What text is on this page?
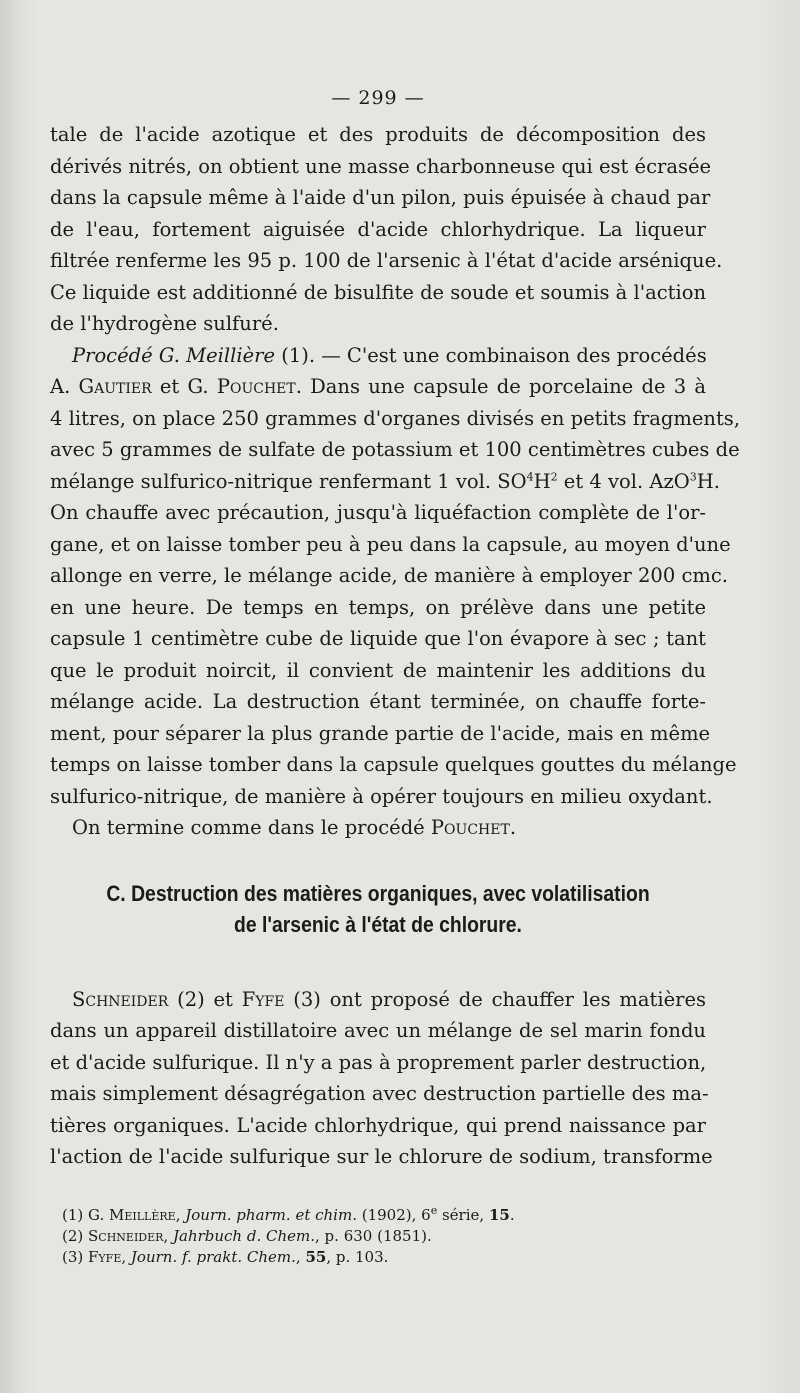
— 299 —

tale de l'acide azotique et des produits de décomposition des
dérivés nitrés, on obtient une masse charbonneuse qui est écrasée
dans la capsule même à l'aide d'un pilon, puis épuisée à chaud par
de l'eau, fortement aiguisée d'acide chlorhydrique. La liqueur
filtrée renferme les 95 p. 100 de l'arsenic à l'état d'acide arsénique.
Ce liquide est additionné de bisulfite de soude et soumis à l'action
de l'hydrogène sulfuré.

Procédé G. Meillière (1). — C'est une combinaison des procédés
A. Gautier et G. Pouchet. Dans une capsule de porcelaine de 3 à
4 litres, on place 250 grammes d'organes divisés en petits fragments,
avec 5 grammes de sulfate de potassium et 100 centimètres cubes de
mélange sulfurico-nitrique renfermant 1 vol. $SO^4H^2$ et 4 vol. AzO$^3$H.
On chauffe avec précaution, jusqu'à liquéfaction complète de l'or-
gane, et on laisse tomber peu à peu dans la capsule, au moyen d'une
allonge en verre, le mélange acide, de manière à employer 200 cmc.
en une heure. De temps en temps, on prélève dans une petite
capsule 1 centimètre cube de liquide que l'on évapore à sec ; tant
que le produit noircit, il convient de maintenir les additions du
mélange acide. La destruction étant terminée, on chauffe forte-
ment, pour séparer la plus grande partie de l'acide, mais en même
temps on laisse tomber dans la capsule quelques gouttes du mélange
sulfurico-nitrique, de manière à opérer toujours en milieu oxydant.
On termine comme dans le procédé Pouchet.

C. Destruction des matières organiques, avec volatilisation
de l'arsenic à l'état de chlorure.

Schneider (2) et Fyfe (3) ont proposé de chauffer les matières
dans un appareil distillatoire avec un mélange de sel marin fondu
et d'acide sulfurique. Il n'y a pas à proprement parler destruction,
mais simplement désagrégation avec destruction partielle des ma-
tières organiques. L'acide chlorhydrique, qui prend naissance par
l'action de l'acide sulfurique sur le chlorure de sodium, transforme

(1) G. Meillère, Journ. pharm. et chim. (1902), 6e série, 15.
(2) Schneider, Jahrbuch d. Chem., p. 630 (1851).
(3) Fyfe, Journ. f. prakt. Chem., 55, p. 103.
